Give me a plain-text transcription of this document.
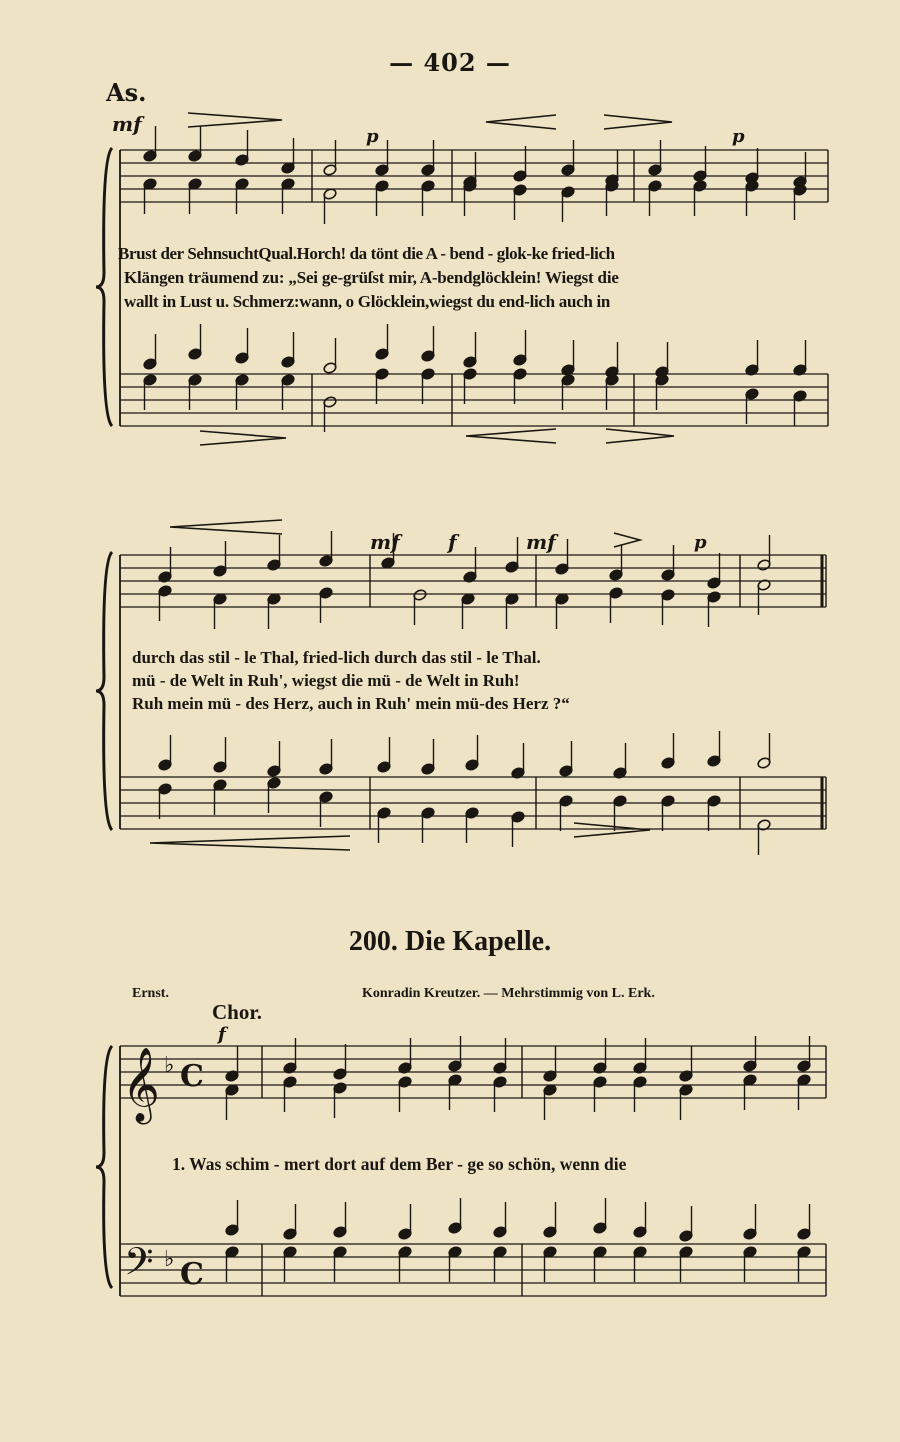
𝄞
𝄢
♭
♭
C
C
— 402 —
As.
mf
p	p
Brust der SehnsuchtQual.Horch! da tönt die A - bend - glok-ke fried-lich
Klängen träumend zu: „Sei ge-grüſst mir, A-bendglöcklein! Wiegst die
wallt in Lust u. Schmerz:wann, o Glöcklein,wiegst du end-lich auch in
mf f	mf	p
durch das stil - le Thal, fried-lich durch das stil - le Thal.
mü - de Welt in Ruh', wiegst die mü - de Welt in Ruh!
Ruh mein mü - des Herz, auch in Ruh' mein mü-des Herz ?“
200. Die Kapelle.
Ernst.	Konradin Kreutzer. — Mehrstimmig von L. Erk.
Chor.
f
1. Was schim - mert dort auf dem Ber - ge so schön, wenn die
